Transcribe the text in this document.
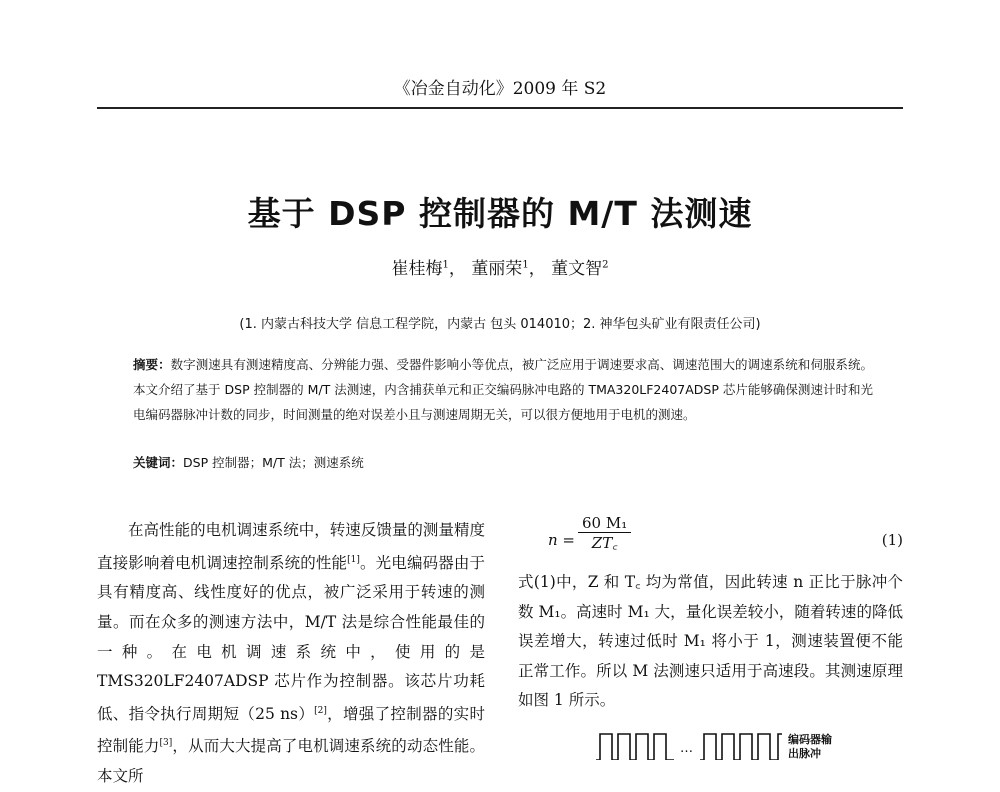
《冶金自动化》2009 年 S2
基于 DSP 控制器的 M/T 法测速
崔桂梅$^1$， 董丽荣$^1$， 董文智$^2$
(1. 内蒙古科技大学 信息工程学院，内蒙古 包头 014010；2. 神华包头矿业有限责任公司)
摘要：数字测速具有测速精度高、分辨能力强、受器件影响小等优点，被广泛应用于调速要求高、调速范围大的调速系统和伺服系统。本文介绍了基于 DSP 控制器的 M/T 法测速，内含捕获单元和正交编码脉冲电路的 TMA320LF2407ADSP 芯片能够确保测速计时和光电编码器脉冲计数的同步，时间测量的绝对误差小且与测速周期无关，可以很方便地用于电机的测速。
关键词：DSP 控制器；M/T 法；测速系统
在高性能的电机调速系统中，转速反馈量的测量精度直接影响着电机调速控制系统的性能[1]。光电编码器由于具有精度高、线性度好的优点，被广泛采用于转速的测量。而在众多的测速方法中，M/T 法是综合性能最佳的一种。在电机调速系统中，使用的是 TMS320LF2407ADSP 芯片作为控制器。该芯片功耗低、指令执行周期短（25 ns）[2]，增强了控制器的实时控制能力[3]，从而大大提高了电机调速系统的动态性能。本文所
$n = \frac{\text{60 M₁}}{ZT꜀}$	(1)
式(1)中，Z 和 T꜀ 均为常值，因此转速 n 正比于脉冲个数 M₁。高速时 M₁ 大，量化误差较小，随着转速的降低误差增大，转速过低时 M₁ 将小于 1，测速装置便不能正常工作。所以 M 法测速只适用于高速段。其测速原理如图 1 所示。
…
编码器输
出脉冲
